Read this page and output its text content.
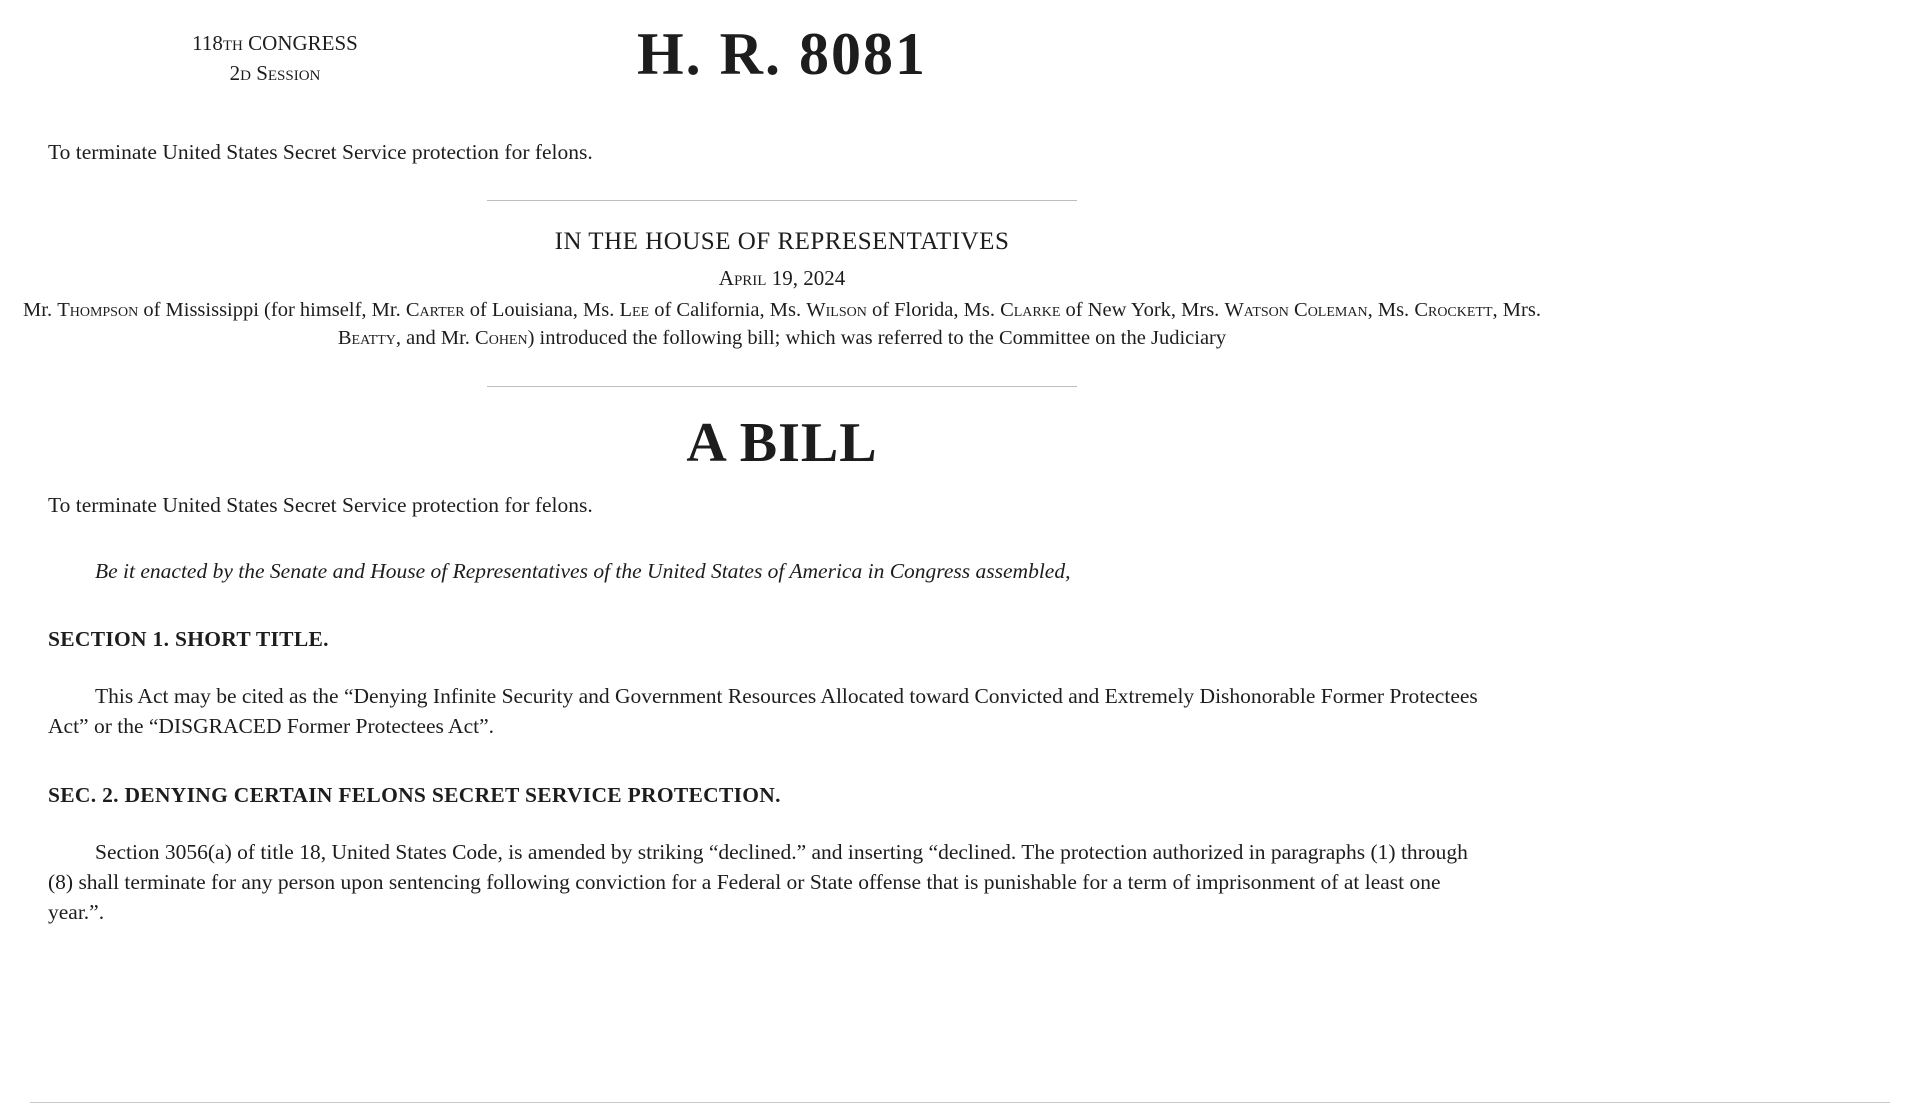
118th CONGRESS
2d Session	H. R. 8081

To terminate United States Secret Service protection for felons.

IN THE HOUSE OF REPRESENTATIVES

April 19, 2024

Mr. Thompson of Mississippi (for himself, Mr. Carter of Louisiana, Ms. Lee of California, Ms. Wilson of Florida, Ms. Clarke of New York, Mrs. Watson Coleman, Ms. Crockett, Mrs. Beatty, and Mr. Cohen) introduced the following bill; which was referred to the Committee on the Judiciary

A BILL

To terminate United States Secret Service protection for felons.

Be it enacted by the Senate and House of Representatives of the United States of America in Congress assembled,

SECTION 1. SHORT TITLE.

This Act may be cited as the “Denying Infinite Security and Government Resources Allocated toward Convicted and Extremely Dishonorable Former Protectees Act” or the “DISGRACED Former Protectees Act”.

SEC. 2. DENYING CERTAIN FELONS SECRET SERVICE PROTECTION.

Section 3056(a) of title 18, United States Code, is amended by striking “declined.” and inserting “declined. The protection authorized in paragraphs (1) through (8) shall terminate for any person upon sentencing following conviction for a Federal or State offense that is punishable for a term of imprisonment of at least one year.”.
